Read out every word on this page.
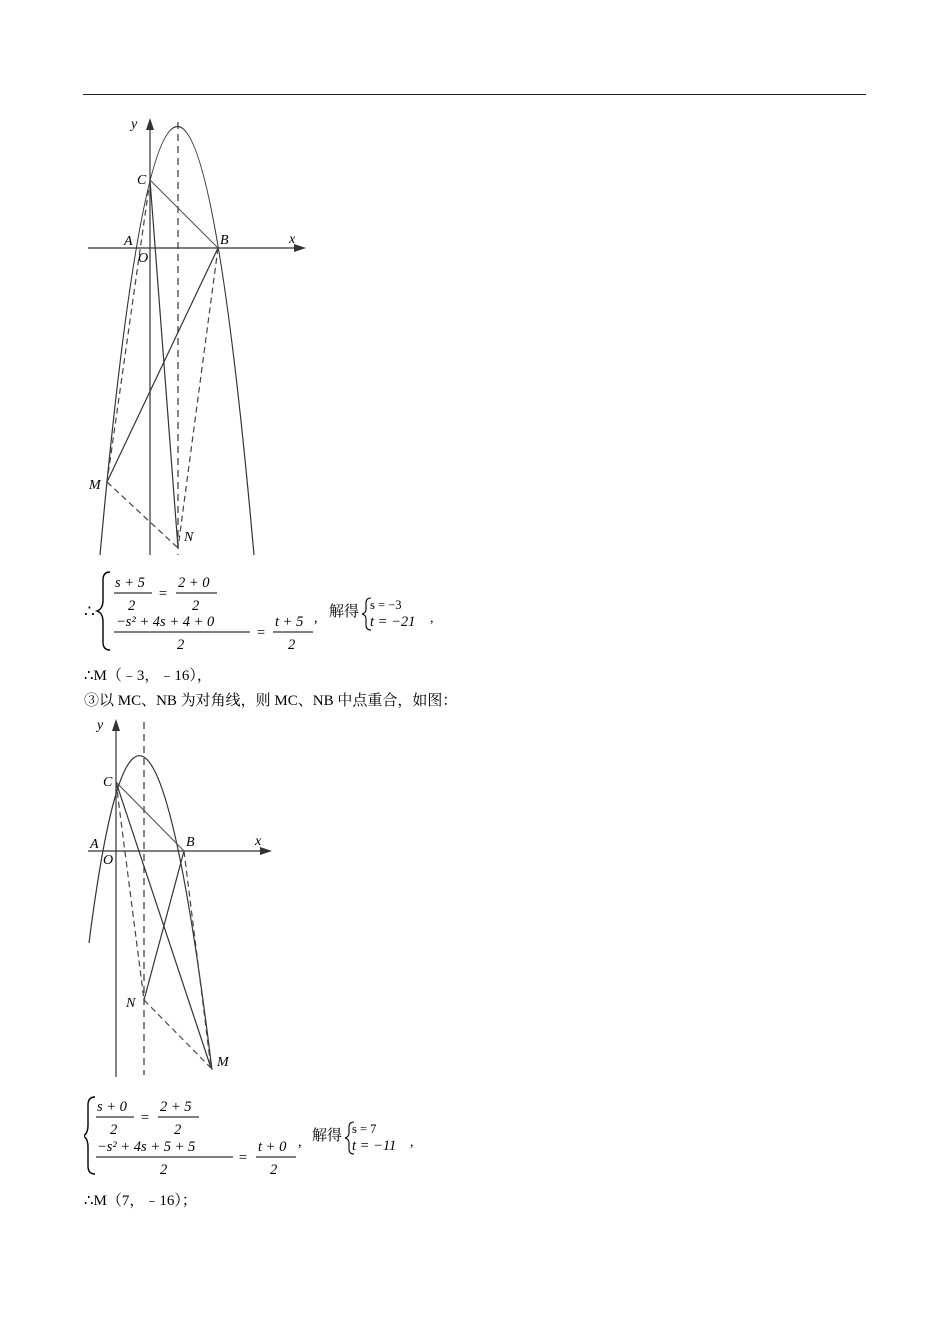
y
x
A
O
B
C
M
N
∴
s + 5
2
=
2 + 0
2
−s² + 4s + 4 + 0
2
=
t + 5
2
, 解得 s = −3
t = −21 ,
∴M（﹣3，﹣16），
③以 MC、NB 为对角线，则 MC、NB 中点重合，如图：
y
x
A
O
B
C
N
M
s + 0
2
=
2 + 5
2
−s² + 4s + 5 + 5
2
=
t + 0
2
, 解得 s = 7
t = −11 ,
∴M（7，﹣16）；
